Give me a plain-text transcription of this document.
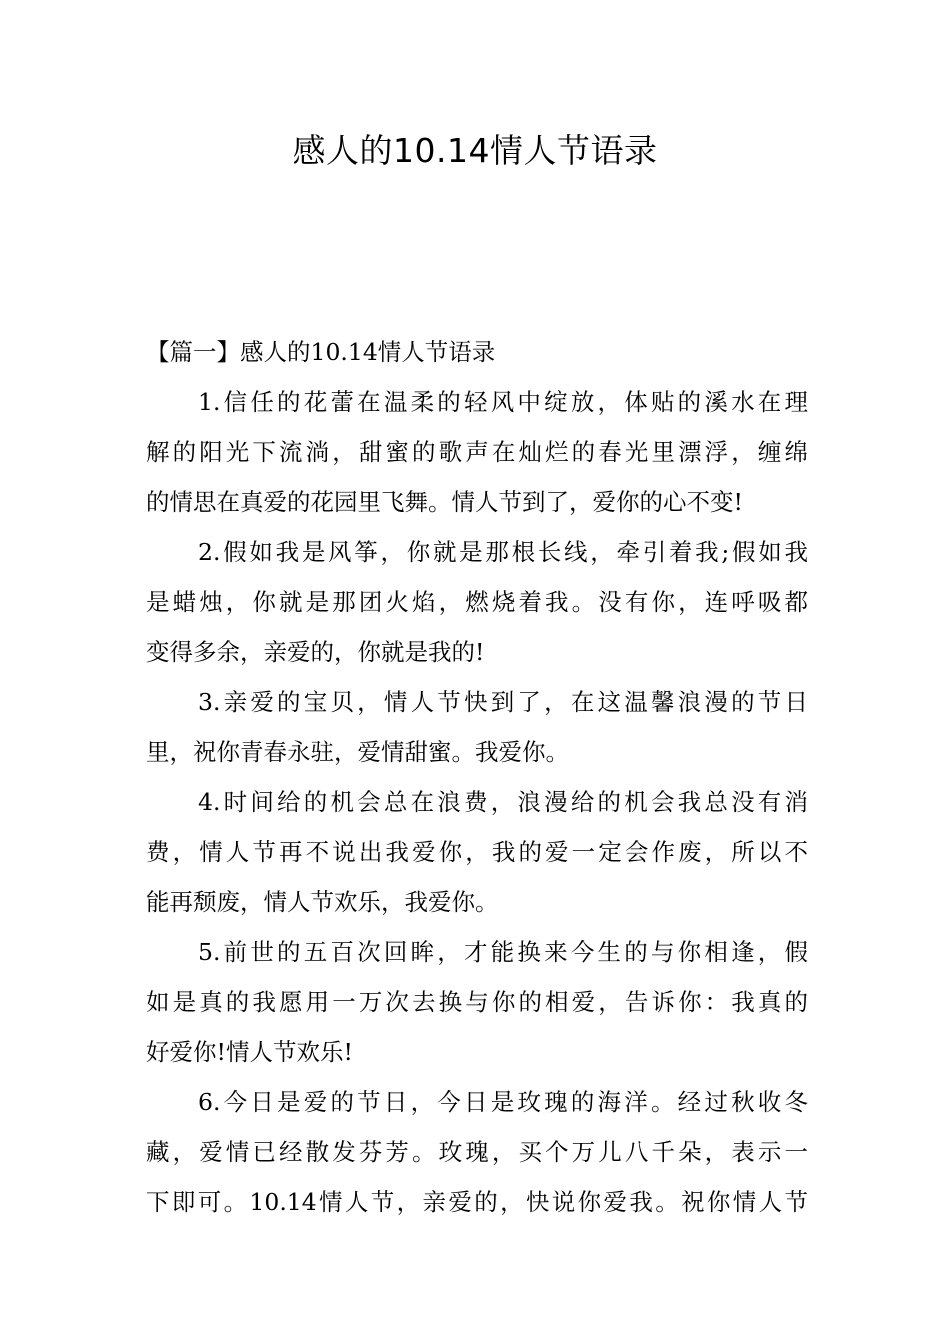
感人的10.14情人节语录

【篇一】感人的10.14情人节语录

1.信任的花蕾在温柔的轻风中绽放，体贴的溪水在理
解的阳光下流淌，甜蜜的歌声在灿烂的春光里漂浮，缠绵
的情思在真爱的花园里飞舞。情人节到了，爱你的心不变!

2.假如我是风筝，你就是那根长线，牵引着我;假如我
是蜡烛，你就是那团火焰，燃烧着我。没有你，连呼吸都
变得多余，亲爱的，你就是我的!

3.亲爱的宝贝，情人节快到了，在这温馨浪漫的节日
里，祝你青春永驻，爱情甜蜜。我爱你。

4.时间给的机会总在浪费，浪漫给的机会我总没有消
费，情人节再不说出我爱你，我的爱一定会作废，所以不
能再颓废，情人节欢乐，我爱你。

5.前世的五百次回眸，才能换来今生的与你相逢，假
如是真的我愿用一万次去换与你的相爱，告诉你：我真的
好爱你!情人节欢乐!

6.今日是爱的节日，今日是玫瑰的海洋。经过秋收冬
藏，爱情已经散发芬芳。玫瑰，买个万儿八千朵，表示一
下即可。10.14情人节，亲爱的，快说你爱我。祝你情人节
